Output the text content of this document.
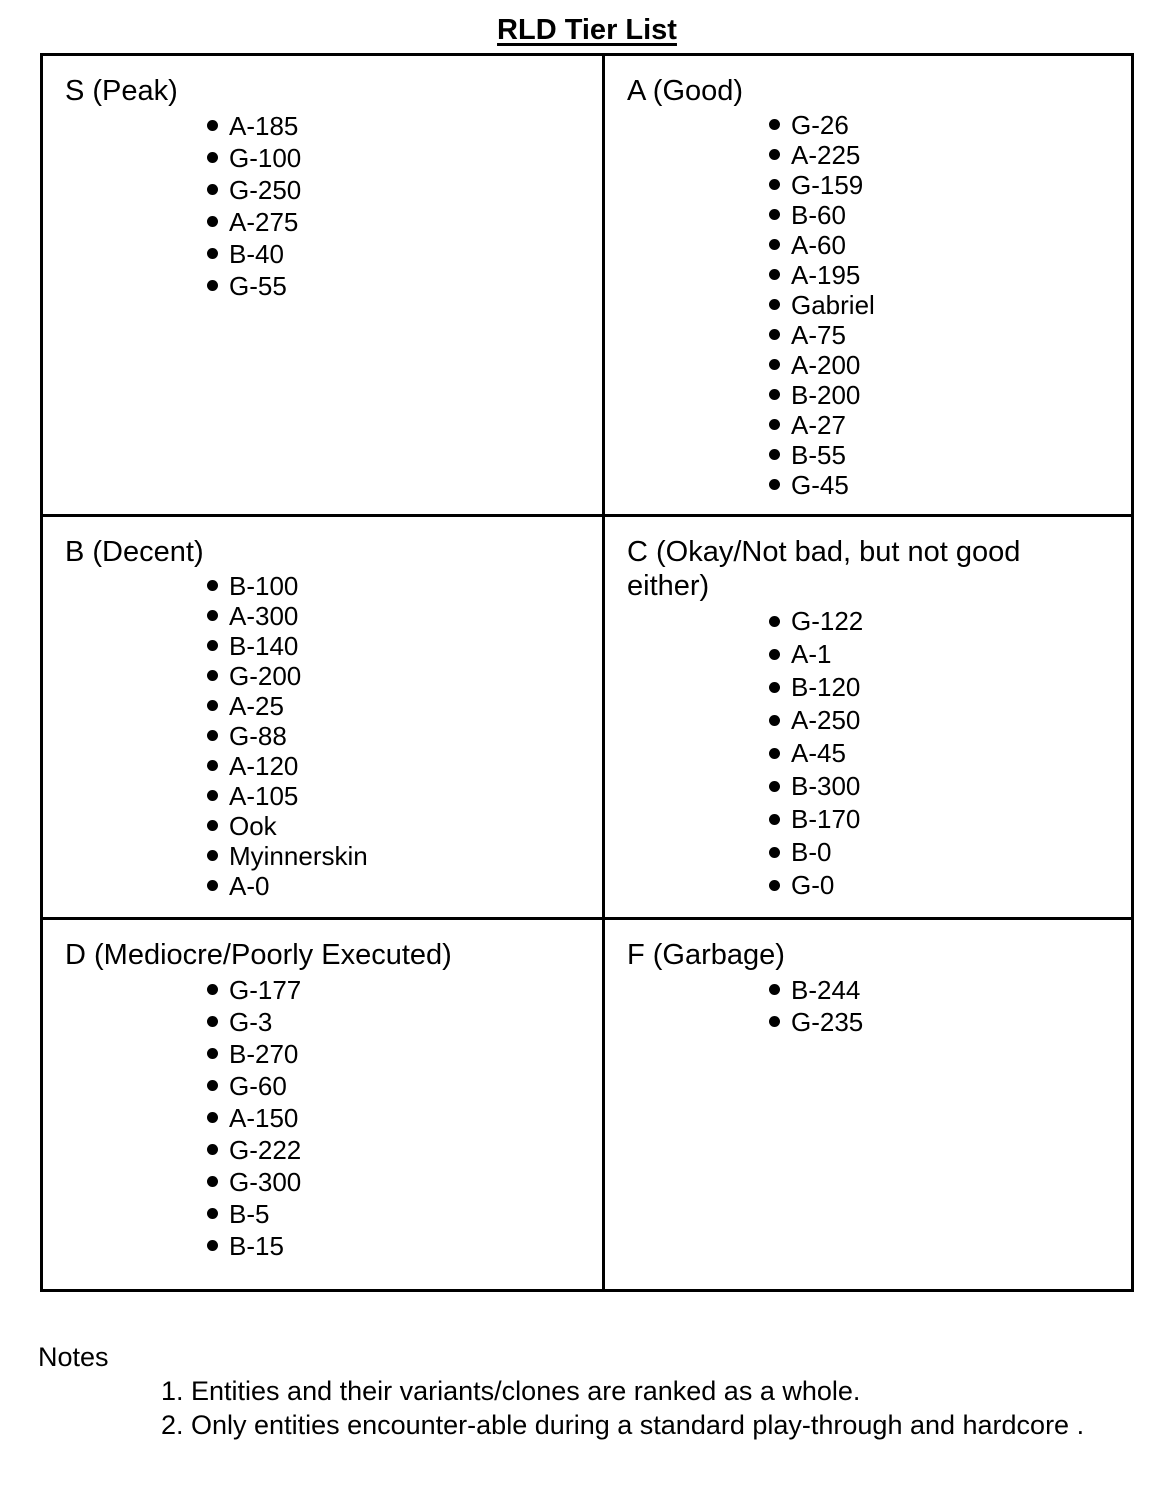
RLD Tier List
S (Peak)
A-185
G-100
G-250
A-275
B-40
G-55
A (Good)
G-26
A-225
G-159
B-60
A-60
A-195
Gabriel
A-75
A-200
B-200
A-27
B-55
G-45
B (Decent)
B-100
A-300
B-140
G-200
A-25
G-88
A-120
A-105
Ook
Myinnerskin
A-0
C (Okay/Not bad, but not good either)
G-122
A-1
B-120
A-250
A-45
B-300
B-170
B-0
G-0
D (Mediocre/Poorly Executed)
G-177
G-3
B-270
G-60
A-150
G-222
G-300
B-5
B-15
F (Garbage)
B-244
G-235
Notes
1. Entities and their variants/clones are ranked as a whole.
2. Only entities encounter-able during a standard play-through and hardcore .
